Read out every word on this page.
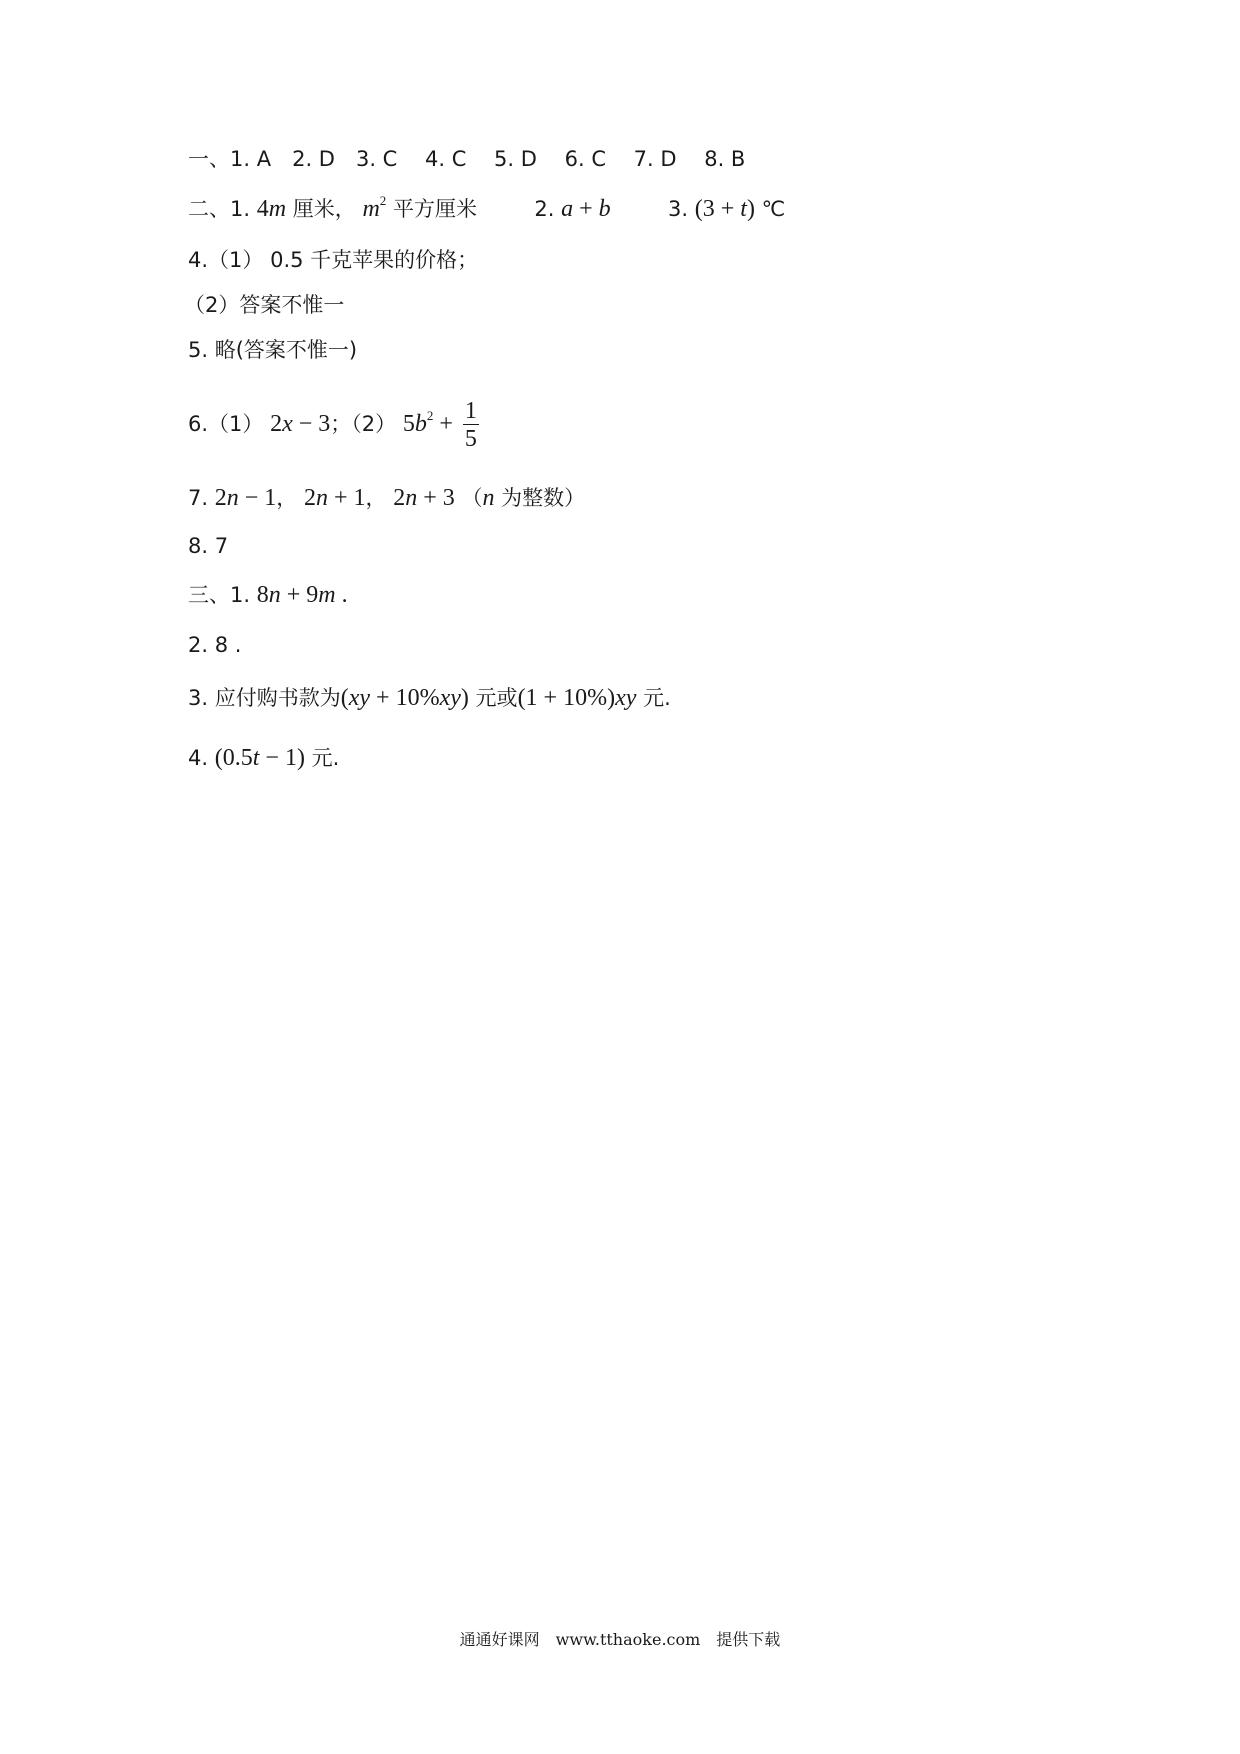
一、1. A　2. D　3. C　 4. C　 5. D　 6. C　 7. D　 8. B
二、1. 4m 厘米， $m^2$ 平方厘米	2. a + b	3. (3 + t) ℃
4.（1） 0.5 千克苹果的价格；
（2）答案不惟一
5. 略(答案不惟一)
6.（1） 2x − 3；（2） $5b^2 + \frac{1}{5}$
7. 2n − 1， 2n + 1， 2n + 3 （n 为整数）
8. 7
三、1. 8n + 9m .
2. 8 .
3. 应付购书款为(xy + 10%xy) 元或(1 + 10%)xy 元.
4. (0.5t − 1) 元.
通通好课网　www.tthaoke.com　提供下载
